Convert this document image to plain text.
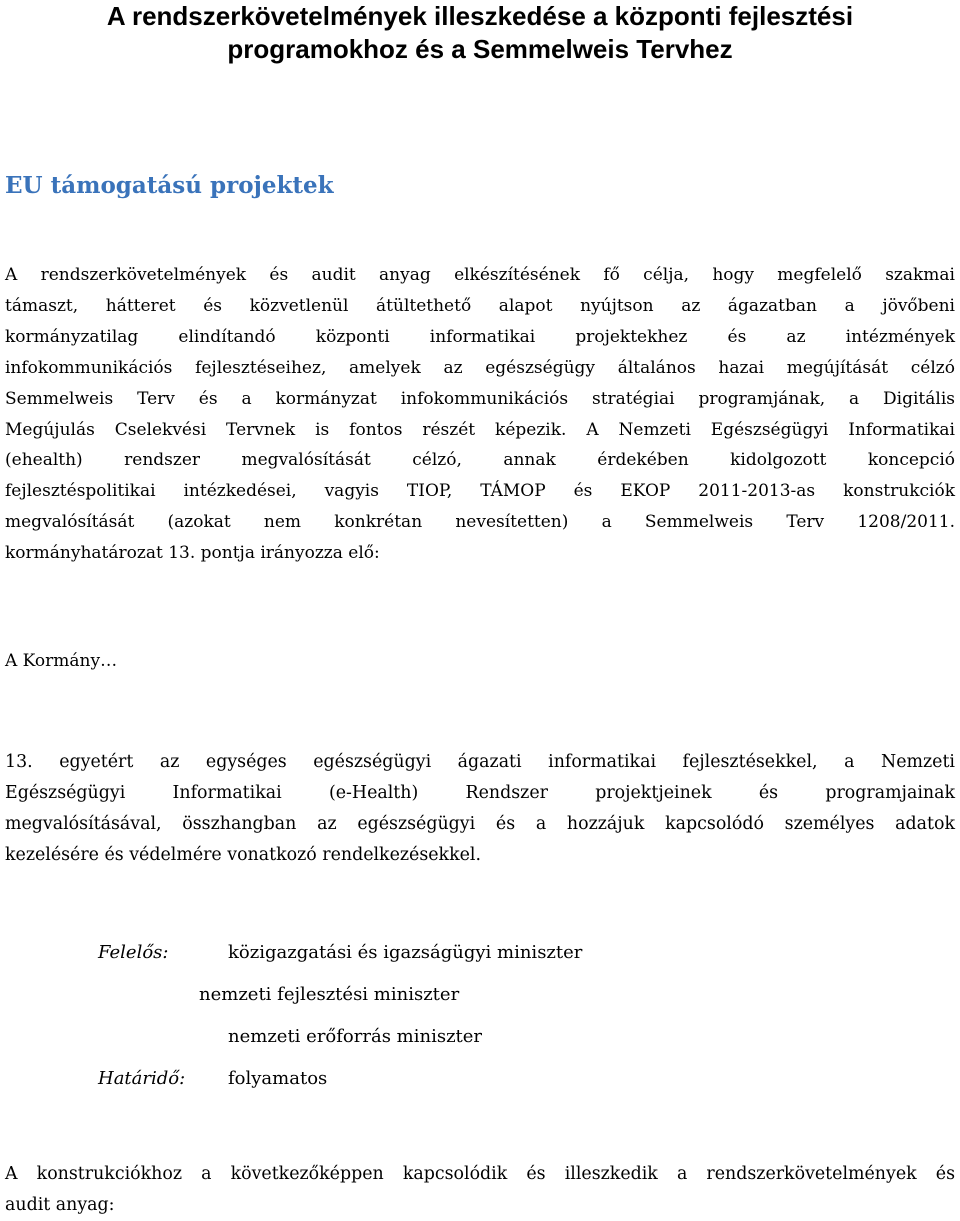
A rendszerkövetelmények illeszkedése a központi fejlesztési
programokhoz és a Semmelweis Tervhez
EU támogatású projektek

A rendszerkövetelmények és audit anyag elkészítésének fő célja, hogy megfelelő szakmai
támaszt, hátteret és közvetlenül átültethető alapot nyújtson az ágazatban a jövőbeni
kormányzatilag elindítandó központi informatikai projektekhez és az intézmények
infokommunikációs fejlesztéseihez, amelyek az egészségügy általános hazai megújítását célzó
Semmelweis Terv és a kormányzat infokommunikációs stratégiai programjának, a Digitális
Megújulás Cselekvési Tervnek is fontos részét képezik. A Nemzeti Egészségügyi Informatikai
(ehealth) rendszer megvalósítását célzó, annak érdekében kidolgozott koncepció
fejlesztéspolitikai intézkedései, vagyis TIOP, TÁMOP és EKOP 2011-2013-as konstrukciók
megvalósítását (azokat nem konkrétan nevesítetten) a Semmelweis Terv 1208/2011.
kormányhatározat 13. pontja irányozza elő:

A Kormány…

13. egyetért az egységes egészségügyi ágazati informatikai fejlesztésekkel, a Nemzeti
Egészségügyi Informatikai (e-Health) Rendszer projektjeinek és programjainak
megvalósításával, összhangban az egészségügyi és a hozzájuk kapcsolódó személyes adatok
kezelésére és védelmére vonatkozó rendelkezésekkel.

Felelős:	közigazgatási és igazságügyi miniszter

nemzeti fejlesztési miniszter

nemzeti erőforrás miniszter

Határidő: folyamatos

A konstrukciókhoz a következőképpen kapcsolódik és illeszkedik a rendszerkövetelmények és
audit anyag:
